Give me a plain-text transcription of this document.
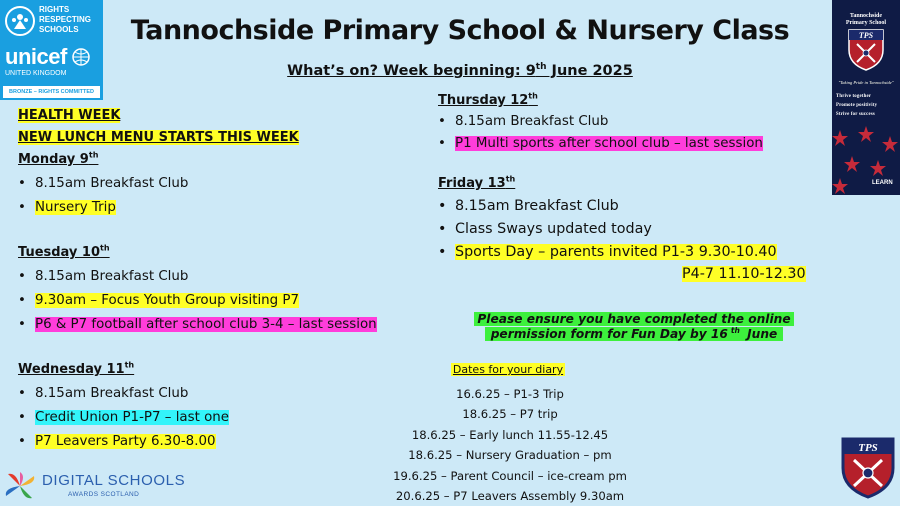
RIGHTS
RESPECTING
SCHOOLS
unicef
UNITED KINGDOM
BRONZE – RIGHTS COMMITTED
Tannochside Primary School & Nursery Class
What’s on? Week beginning: 9th June 2025
HEALTH WEEK
NEW LUNCH MENU STARTS THIS WEEK
Monday 9th
• 8.15am Breakfast Club
• Nursery Trip
Tuesday 10th
• 8.15am Breakfast Club
• 9.30am – Focus Youth Group visiting P7
• P6 & P7 football after school club 3-4 – last session
Wednesday 11th
• 8.15am Breakfast Club
• Credit Union P1-P7 – last one
• P7 Leavers Party 6.30-8.00
Thursday 12th
• 8.15am Breakfast Club
• P1 Multi sports after school club – last session
Friday 13th
• 8.15am Breakfast Club
• Class Sways updated today
• Sports Day – parents invited P1-3 9.30-10.40
P4-7 11.10-12.30
Please ensure you have completed the online
permission form for Fun Day by 16 $^{th}$ June
Dates for your diary
16.6.25 – P1-3 Trip
18.6.25 – P7 trip
18.6.25 – Early lunch 11.55-12.45
18.6.25 – Nursery Graduation – pm
19.6.25 – Parent Council – ice-cream pm
20.6.25 – P7 Leavers Assembly 9.30am
Tannochside
Primary School
TPS
"Taking Pride in Tannochside"
Thrive together
Promote positivity
Strive for success
LEARN
DIGITAL SCHOOLS
AWARDS SCOTLAND
TPS
